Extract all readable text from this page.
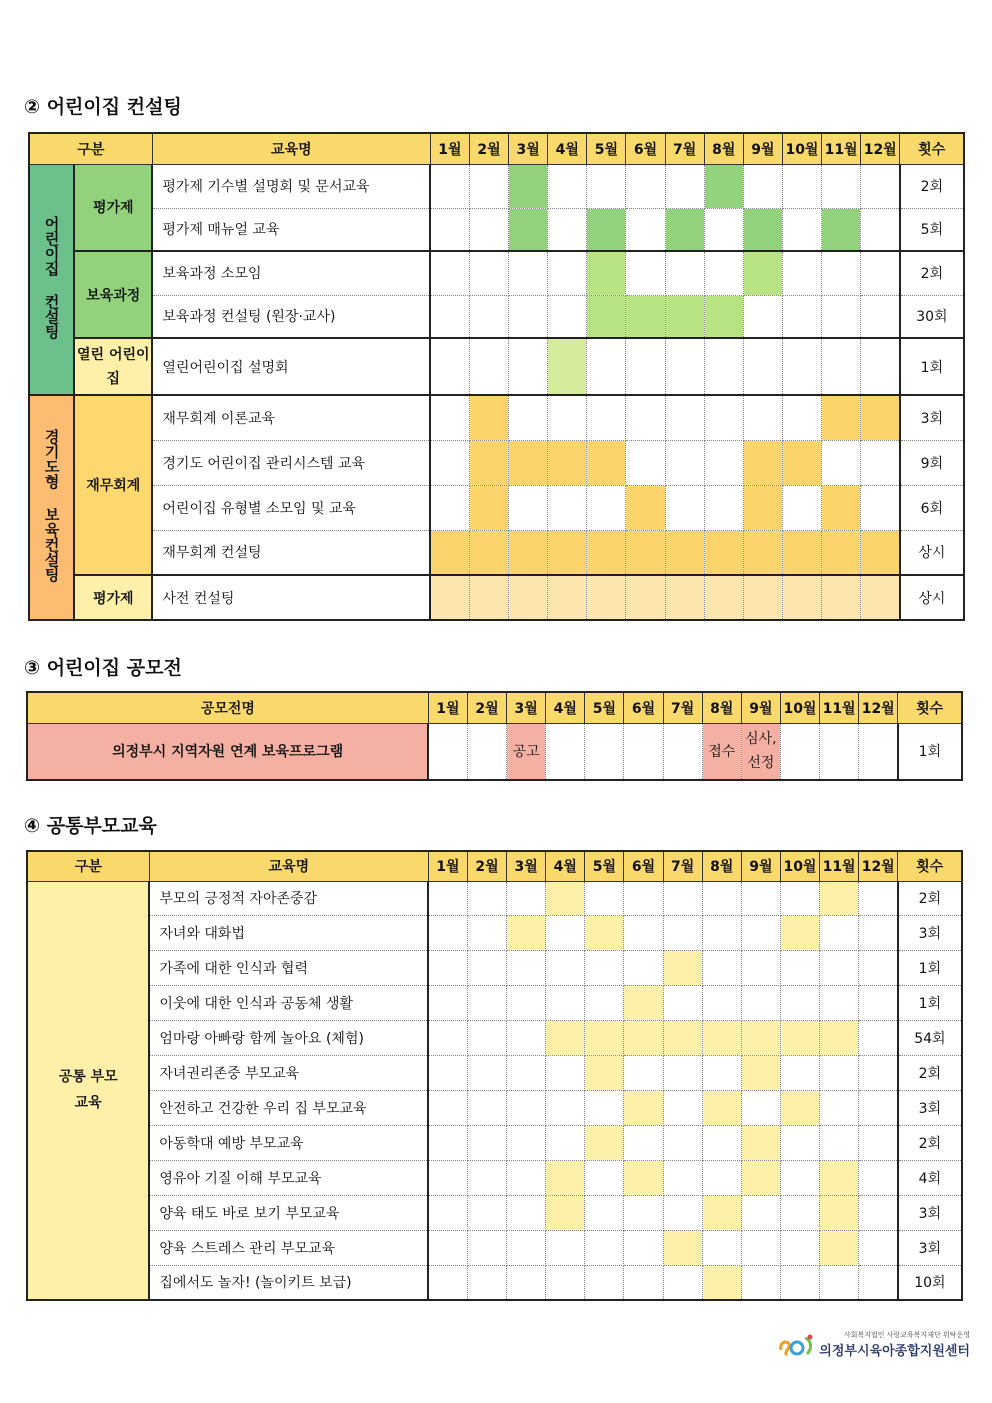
② 어린이집 컨설팅
구분		교육명	1월	2월	3월	4월	5월	6월	7월	8월	9월	10월	11월	12월	횟수
어린이집 컨설팅	평가제	평가제 기수별 설명회 및 문서교육													2회
		평가제 매뉴얼 교육													5회
	보육과정	보육과정 소모임													2회
		보육과정 컨설팅 (원장·교사)													30회
	열린 어린이집	열린어린이집 설명회													1회
경기도형 보육컨설팅	재무회계	재무회계 이론교육													3회
		경기도 어린이집 관리시스템 교육													9회
		어린이집 유형별 소모임 및 교육													6회
		재무회계 컨설팅													상시
	평가제	사전 컨설팅													상시
③ 어린이집 공모전
공모전명	1월	2월	3월	4월	5월	6월	7월	8월	9월	10월	11월	12월	횟수
의정부시 지역자원 연계 보육프로그램			공고					접수	심사, 선정				1회
④ 공통부모교육
구분	교육명	1월	2월	3월	4월	5월	6월	7월	8월	9월	10월	11월	12월	횟수
공통 부모교육	부모의 긍정적 자아존중감													2회
	자녀와 대화법													3회
	가족에 대한 인식과 협력													1회
	이웃에 대한 인식과 공동체 생활													1회
	엄마랑 아빠랑 함께 놀아요 (체험)													54회
	자녀권리존중 부모교육													2회
	안전하고 건강한 우리 집 부모교육													3회
	아동학대 예방 부모교육													2회
	영유아 기질 이해 부모교육													4회
	양육 태도 바로 보기 부모교육													3회
	양육 스트레스 관리 부모교육													3회
	집에서도 놀자! (놀이키트 보급)													10회
사회복지법인 사랑교육복지재단 위탁운영
의정부시육아종합지원센터
